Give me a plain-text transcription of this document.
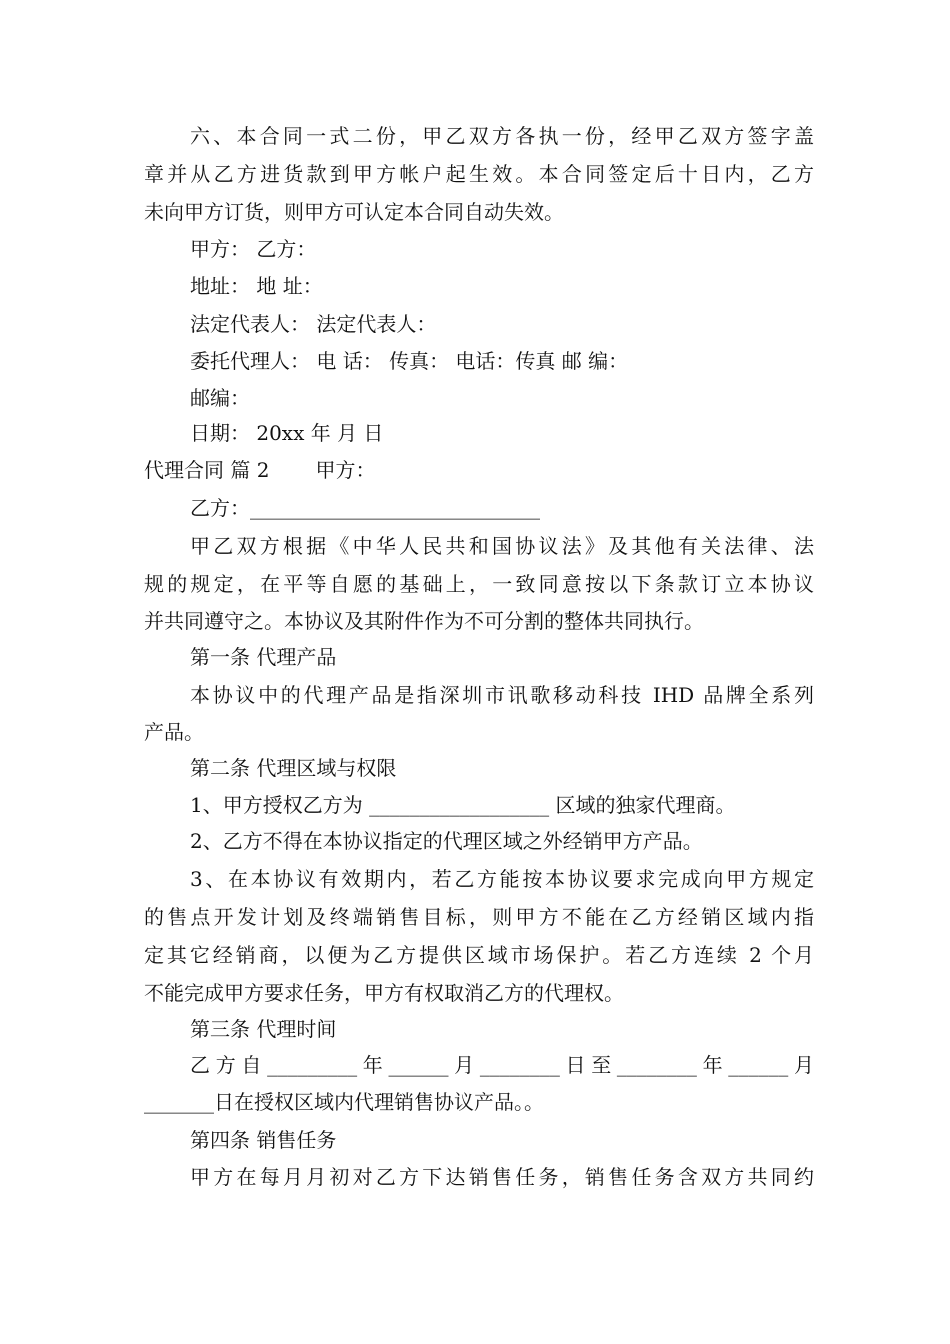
六、本合同一式二份，甲乙双方各执一份，经甲乙双方签字盖
章并从乙方进货款到甲方帐户起生效。本合同签定后十日内，乙方
未向甲方订货，则甲方可认定本合同自动失效。
甲方： 乙方：
地址： 地 址：
法定代表人： 法定代表人：
委托代理人： 电 话： 传真： 电话：传真 邮 编：
邮编：
日期： 20xx 年 月 日
代理合同 篇 2 甲方：
乙方：_____________________________
甲乙双方根据《中华人民共和国协议法》及其他有关法律、法
规的规定，在平等自愿的基础上，一致同意按以下条款订立本协议
并共同遵守之。本协议及其附件作为不可分割的整体共同执行。
第一条 代理产品
本协议中的代理产品是指深圳市讯歌移动科技 IHD 品牌全系列
产品。
第二条 代理区域与权限
1、甲方授权乙方为 __________________ 区域的独家代理商。
2、乙方不得在本协议指定的代理区域之外经销甲方产品。
3、在本协议有效期内，若乙方能按本协议要求完成向甲方规定
的售点开发计划及终端销售目标，则甲方不能在乙方经销区域内指
定其它经销商，以便为乙方提供区域市场保护。若乙方连续 2 个月
不能完成甲方要求任务，甲方有权取消乙方的代理权。
第三条 代理时间
乙方自_________年______月________日至________年______月
_______日在授权区域内代理销售协议产品。。
第四条 销售任务
甲方在每月月初对乙方下达销售任务，销售任务含双方共同约
